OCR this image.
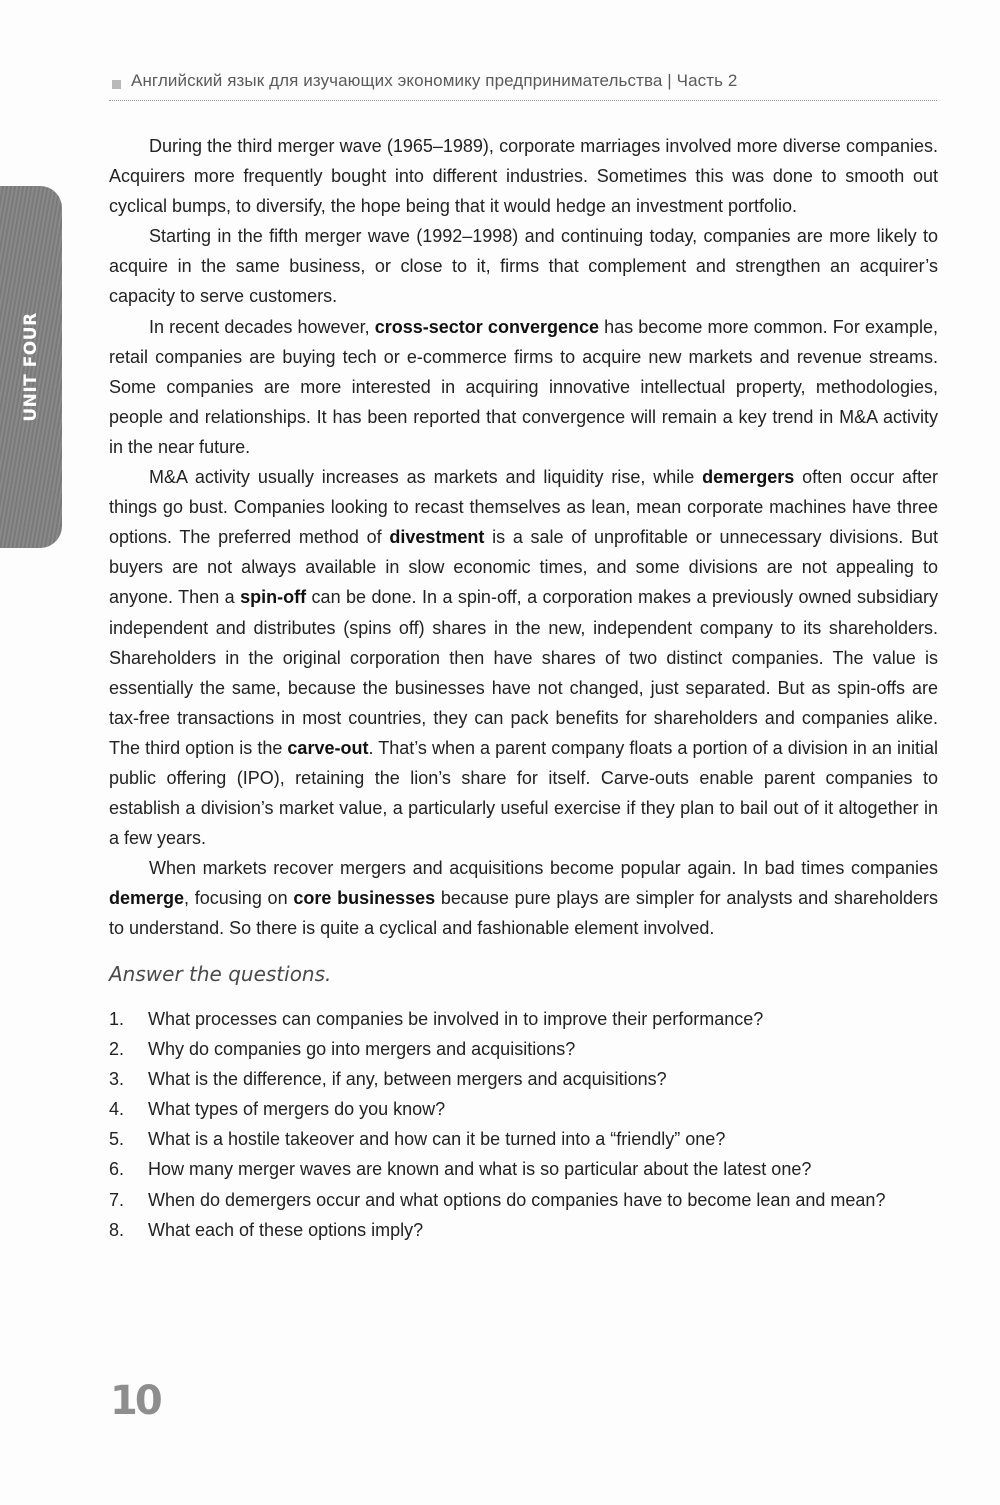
Английский язык для изучающих экономику предпринимательства | Часть 2
UNIT FOUR

During the third merger wave (1965–1989), corporate marriages involved more diverse companies. Acquirers more frequently bought into different industries. Sometimes this was done to smooth out cyclical bumps, to diversify, the hope being that it would hedge an investment portfolio.

Starting in the fifth merger wave (1992–1998) and continuing today, companies are more likely to acquire in the same business, or close to it, firms that complement and strengthen an acquirer’s capacity to serve customers.

In recent decades however, cross-sector convergence has become more common. For example, retail companies are buying tech or e-commerce firms to acquire new markets and revenue streams. Some companies are more interested in acquiring innovative intellectual property, methodologies, people and relationships. It has been reported that convergence will remain a key trend in M&A activity in the near future.

M&A activity usually increases as markets and liquidity rise, while demergers often occur after things go bust. Companies looking to recast themselves as lean, mean corporate machines have three options. The preferred method of divestment is a sale of unprofitable or unnecessary divisions. But buyers are not always available in slow economic times, and some divisions are not appealing to anyone. Then a spin-off can be done. In a spin-off, a corporation makes a previously owned subsidiary independent and distributes (spins off) shares in the new, independent company to its shareholders. Shareholders in the original corporation then have shares of two distinct companies. The value is essentially the same, because the businesses have not changed, just separated. But as spin-offs are tax-free transactions in most countries, they can pack benefits for shareholders and companies alike. The third option is the carve-out. That’s when a parent company floats a portion of a division in an initial public offering (IPO), retaining the lion’s share for itself. Carve-outs enable parent companies to establish a division’s market value, a particularly useful exercise if they plan to bail out of it altogether in a few years.

When markets recover mergers and acquisitions become popular again. In bad times companies demerge, focusing on core businesses because pure plays are simpler for analysts and shareholders to understand. So there is quite a cyclical and fashionable element involved.

Answer the questions.
1.	What processes can companies be involved in to improve their performance?
2.	Why do companies go into mergers and acquisitions?
3.	What is the difference, if any, between mergers and acquisitions?
4.	What types of mergers do you know?
5.	What is a hostile takeover and how can it be turned into a “friendly” one?
6.	How many merger waves are known and what is so particular about the latest one?
7.	When do demergers occur and what options do companies have to become lean and mean?
8.	What each of these options imply?
10
